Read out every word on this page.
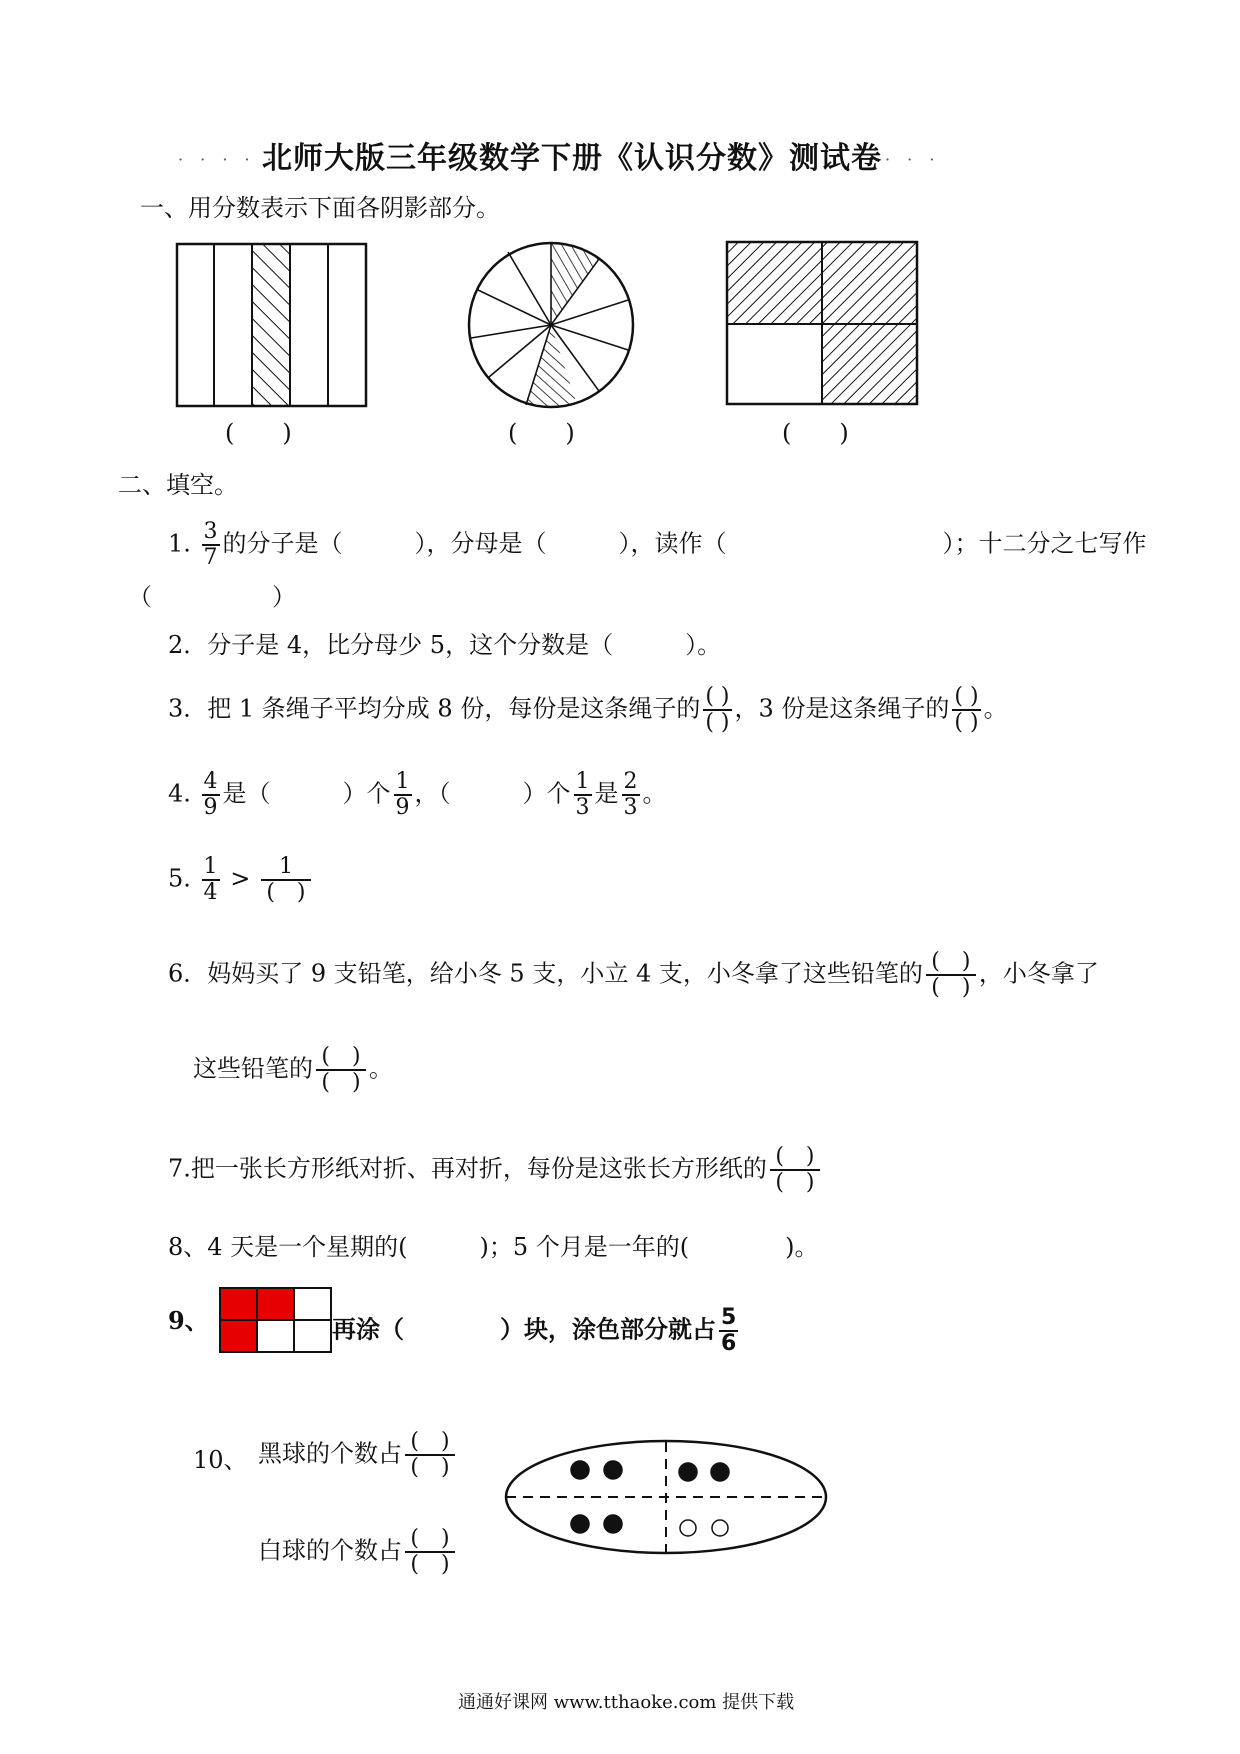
· · · · ·
北师大版三年级数学下册《认识分数》测试卷 · · ·
一、用分数表示下面各阴影部分。
(　　)	(　　)	(　　)
二、填空。
1. $\frac{3}{7}$ 的分子是（　　　），分母是（　　　），读作（　　　　　　　　　）；十二分之七写作
（　　　　　）
2．分子是 4，比分母少 5，这个分数是（　　　）。
3．把 1 条绳子平均分成 8 份，每份是这条绳子的 $\frac{( )}{( )}$ ，3 份是这条绳子的 $\frac{( )}{( )}$ 。
4. $\frac{4}{9}$ 是（　　　）个 $\frac{1}{9}$ ，（　　　）个 $\frac{1}{3}$ 是 $\frac{2}{3}$ 。
5. $\frac{1}{4} > \frac{1}{( )}$
6．妈妈买了 9 支铅笔，给小冬 5 支，小立 4 支，小冬拿了这些铅笔的 $\frac{( )}{( )}$ ，小冬拿了
这些铅笔的 $\frac{( )}{( )}$ 。
7.把一张长方形纸对折、再对折，每份是这张长方形纸的 $\frac{( )}{( )}$
8、4 天是一个星期的(　　　)；5 个月是一年的(　　　　)。
9、	再涂（　　　　）块，涂色部分就占 $\frac{5}{6}$
10、 黑球的个数占 $\frac{( )}{( )}$
白球的个数占 $\frac{( )}{( )}$
通通好课网 www.tthaoke.com 提供下载
